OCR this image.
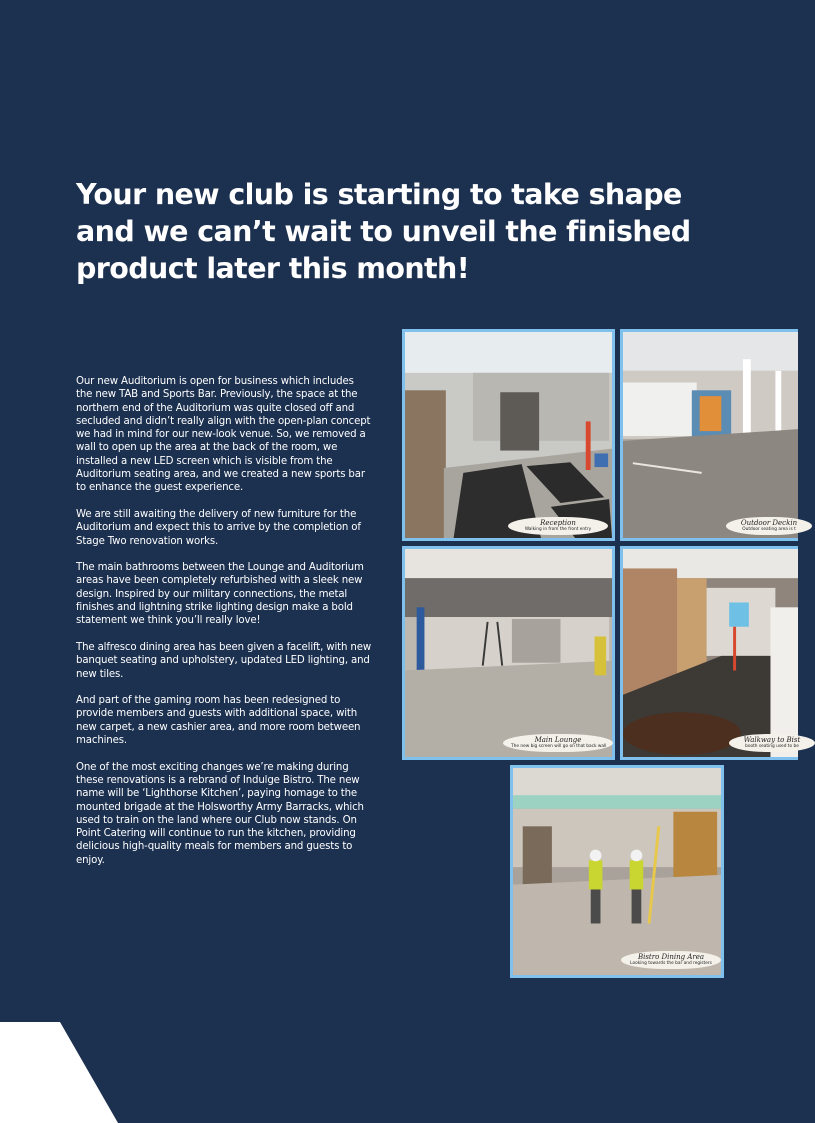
Your new club is starting to take shape and we can’t wait to unveil the finished product later this month!

Our new Auditorium is open for business which includes the new TAB and Sports Bar. Previously, the space at the northern end of the Auditorium was quite closed off and secluded and didn’t really align with the open-plan concept we had in mind for our new-look venue. So, we removed a wall to open up the area at the back of the room, we installed a new LED screen which is visible from the Auditorium seating area, and we created a new sports bar to enhance the guest experience.

We are still awaiting the delivery of new furniture for the Auditorium and expect this to arrive by the completion of Stage Two renovation works.

The main bathrooms between the Lounge and Auditorium areas have been completely refurbished with a sleek new design. Inspired by our military connections, the metal finishes and lightning strike lighting design make a bold statement we think you’ll really love!

The alfresco dining area has been given a facelift, with new banquet seating and upholstery, updated LED lighting, and new tiles.

And part of the gaming room has been redesigned to provide members and guests with additional space, with new carpet, a new cashier area, and more room between machines.

One of the most exciting changes we’re making during these renovations is a rebrand of Indulge Bistro. The new name will be ‘Lighthorse Kitchen’, paying homage to the mounted brigade at the Holsworthy Army Barracks, which used to train on the land where our Club now stands. On Point Catering will continue to run the kitchen, providing delicious high-quality meals for members and guests to enjoy.

Reception
Walking in from the front entry
Outdoor Deckin
Outdoor seating area is t
Main Lounge
The new big screen will go on that back wall
Walkway to Bist
booth seating used to be
Bistro Dining Area
Looking towards the bar and registers
